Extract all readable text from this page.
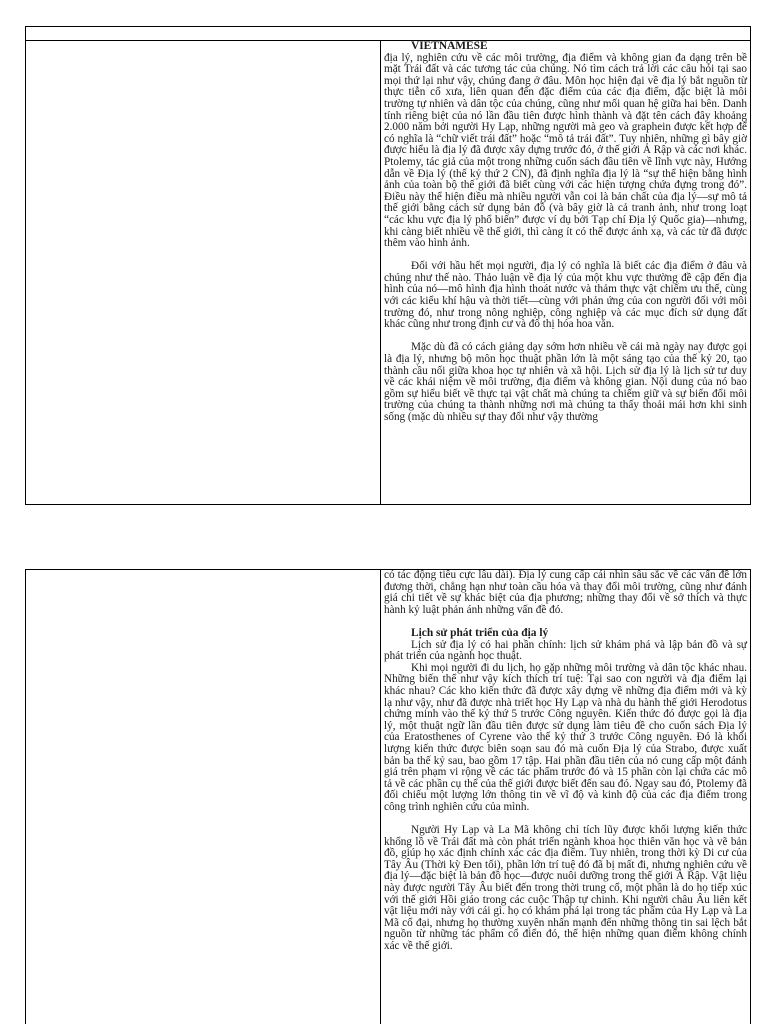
VIETNAMESE

địa lý, nghiên cứu về các môi trường, địa điểm và không gian đa dạng trên bề mặt Trái đất và các tương tác của chúng. Nó tìm cách trả lời các câu hỏi tại sao mọi thứ lại như vậy, chúng đang ở đâu. Môn học hiện đại về địa lý bắt nguồn từ thực tiễn cổ xưa, liên quan đến đặc điểm của các địa điểm, đặc biệt là môi trường tự nhiên và dân tộc của chúng, cũng như mối quan hệ giữa hai bên. Danh tính riêng biệt của nó lần đầu tiên được hình thành và đặt tên cách đây khoảng 2.000 năm bởi người Hy Lạp, những người mà geo và graphein được kết hợp để có nghĩa là “chữ viết trái đất” hoặc “mô tả trái đất”. Tuy nhiên, những gì bây giờ được hiểu là địa lý đã được xây dựng trước đó, ở thế giới Ả Rập và các nơi khác. Ptolemy, tác giả của một trong những cuốn sách đầu tiên về lĩnh vực này, Hướng dẫn về Địa lý (thế kỷ thứ 2 CN), đã định nghĩa địa lý là “sự thể hiện bằng hình ảnh của toàn bộ thế giới đã biết cùng với các hiện tượng chứa đựng trong đó”. Điều này thể hiện điều mà nhiều người vẫn coi là bản chất của địa lý—sự mô tả thế giới bằng cách sử dụng bản đồ (và bây giờ là cả tranh ảnh, như trong loạt “các khu vực địa lý phổ biến” được ví dụ bởi Tạp chí Địa lý Quốc gia)—nhưng, khi càng biết nhiều về thế giới, thì càng ít có thể được ánh xạ, và các từ đã được thêm vào hình ảnh.

Đối với hầu hết mọi người, địa lý có nghĩa là biết các địa điểm ở đâu và chúng như thế nào. Thảo luận về địa lý của một khu vực thường đề cập đến địa hình của nó—mô hình địa hình thoát nước và thảm thực vật chiếm ưu thế, cùng với các kiểu khí hậu và thời tiết—cùng với phản ứng của con người đối với môi trường đó, như trong nông nghiệp, công nghiệp và các mục đích sử dụng đất khác cũng như trong định cư và đô thị hóa hoa văn.

Mặc dù đã có cách giảng dạy sớm hơn nhiều về cái mà ngày nay được gọi là địa lý, nhưng bộ môn học thuật phần lớn là một sáng tạo của thế kỷ 20, tạo thành cầu nối giữa khoa học tự nhiên và xã hội. Lịch sử địa lý là lịch sử tư duy về các khái niệm về môi trường, địa điểm và không gian. Nội dung của nó bao gồm sự hiểu biết về thực tại vật chất mà chúng ta chiếm giữ và sự biến đổi môi trường của chúng ta thành những nơi mà chúng ta thấy thoải mái hơn khi sinh sống (mặc dù nhiều sự thay đổi như vậy thường

có tác động tiêu cực lâu dài). Địa lý cung cấp cái nhìn sâu sắc về các vấn đề lớn đương thời, chẳng hạn như toàn cầu hóa và thay đổi môi trường, cũng như đánh giá chi tiết về sự khác biệt của địa phương; những thay đổi về sở thích và thực hành kỷ luật phản ánh những vấn đề đó.

Lịch sử phát triển của địa lý

Lịch sử địa lý có hai phần chính: lịch sử khám phá và lập bản đồ và sự phát triển của ngành học thuật.

Khi mọi người đi du lịch, họ gặp những môi trường và dân tộc khác nhau. Những biến thể như vậy kích thích trí tuệ: Tại sao con người và địa điểm lại khác nhau? Các kho kiến thức đã được xây dựng về những địa điểm mới và kỳ lạ như vậy, như đã được nhà triết học Hy Lạp và nhà du hành thế giới Herodotus chứng minh vào thế kỷ thứ 5 trước Công nguyên. Kiến thức đó được gọi là địa lý, một thuật ngữ lần đầu tiên được sử dụng làm tiêu đề cho cuốn sách Địa lý của Eratosthenes of Cyrene vào thế kỷ thứ 3 trước Công nguyên. Đó là khối lượng kiến thức được biên soạn sau đó mà cuốn Địa lý của Strabo, được xuất bản ba thế kỷ sau, bao gồm 17 tập. Hai phần đầu tiên của nó cung cấp một đánh giá trên phạm vi rộng về các tác phẩm trước đó và 15 phần còn lại chứa các mô tả về các phần cụ thể của thế giới được biết đến sau đó. Ngay sau đó, Ptolemy đã đối chiếu một lượng lớn thông tin về vĩ độ và kinh độ của các địa điểm trong công trình nghiên cứu của mình.

Người Hy Lạp và La Mã không chỉ tích lũy được khối lượng kiến thức khổng lồ về Trái đất mà còn phát triển ngành khoa học thiên văn học và vẽ bản đồ, giúp họ xác định chính xác các địa điểm. Tuy nhiên, trong thời kỳ Di cư của Tây Âu (Thời kỳ Đen tối), phần lớn trí tuệ đó đã bị mất đi, nhưng nghiên cứu về địa lý—đặc biệt là bản đồ học—được nuôi dưỡng trong thế giới Ả Rập. Vật liệu này được người Tây Âu biết đến trong thời trung cổ, một phần là do họ tiếp xúc với thế giới Hồi giáo trong các cuộc Thập tự chinh. Khi người châu Âu liên kết vật liệu mới này với cái gì. họ có khám phá lại trong tác phẩm của Hy Lạp và La Mã cổ đại, nhưng họ thường xuyên nhấn mạnh đến những thông tin sai lệch bắt nguồn từ những tác phẩm cổ điển đó, thể hiện những quan điểm không chính xác về thế giới.
